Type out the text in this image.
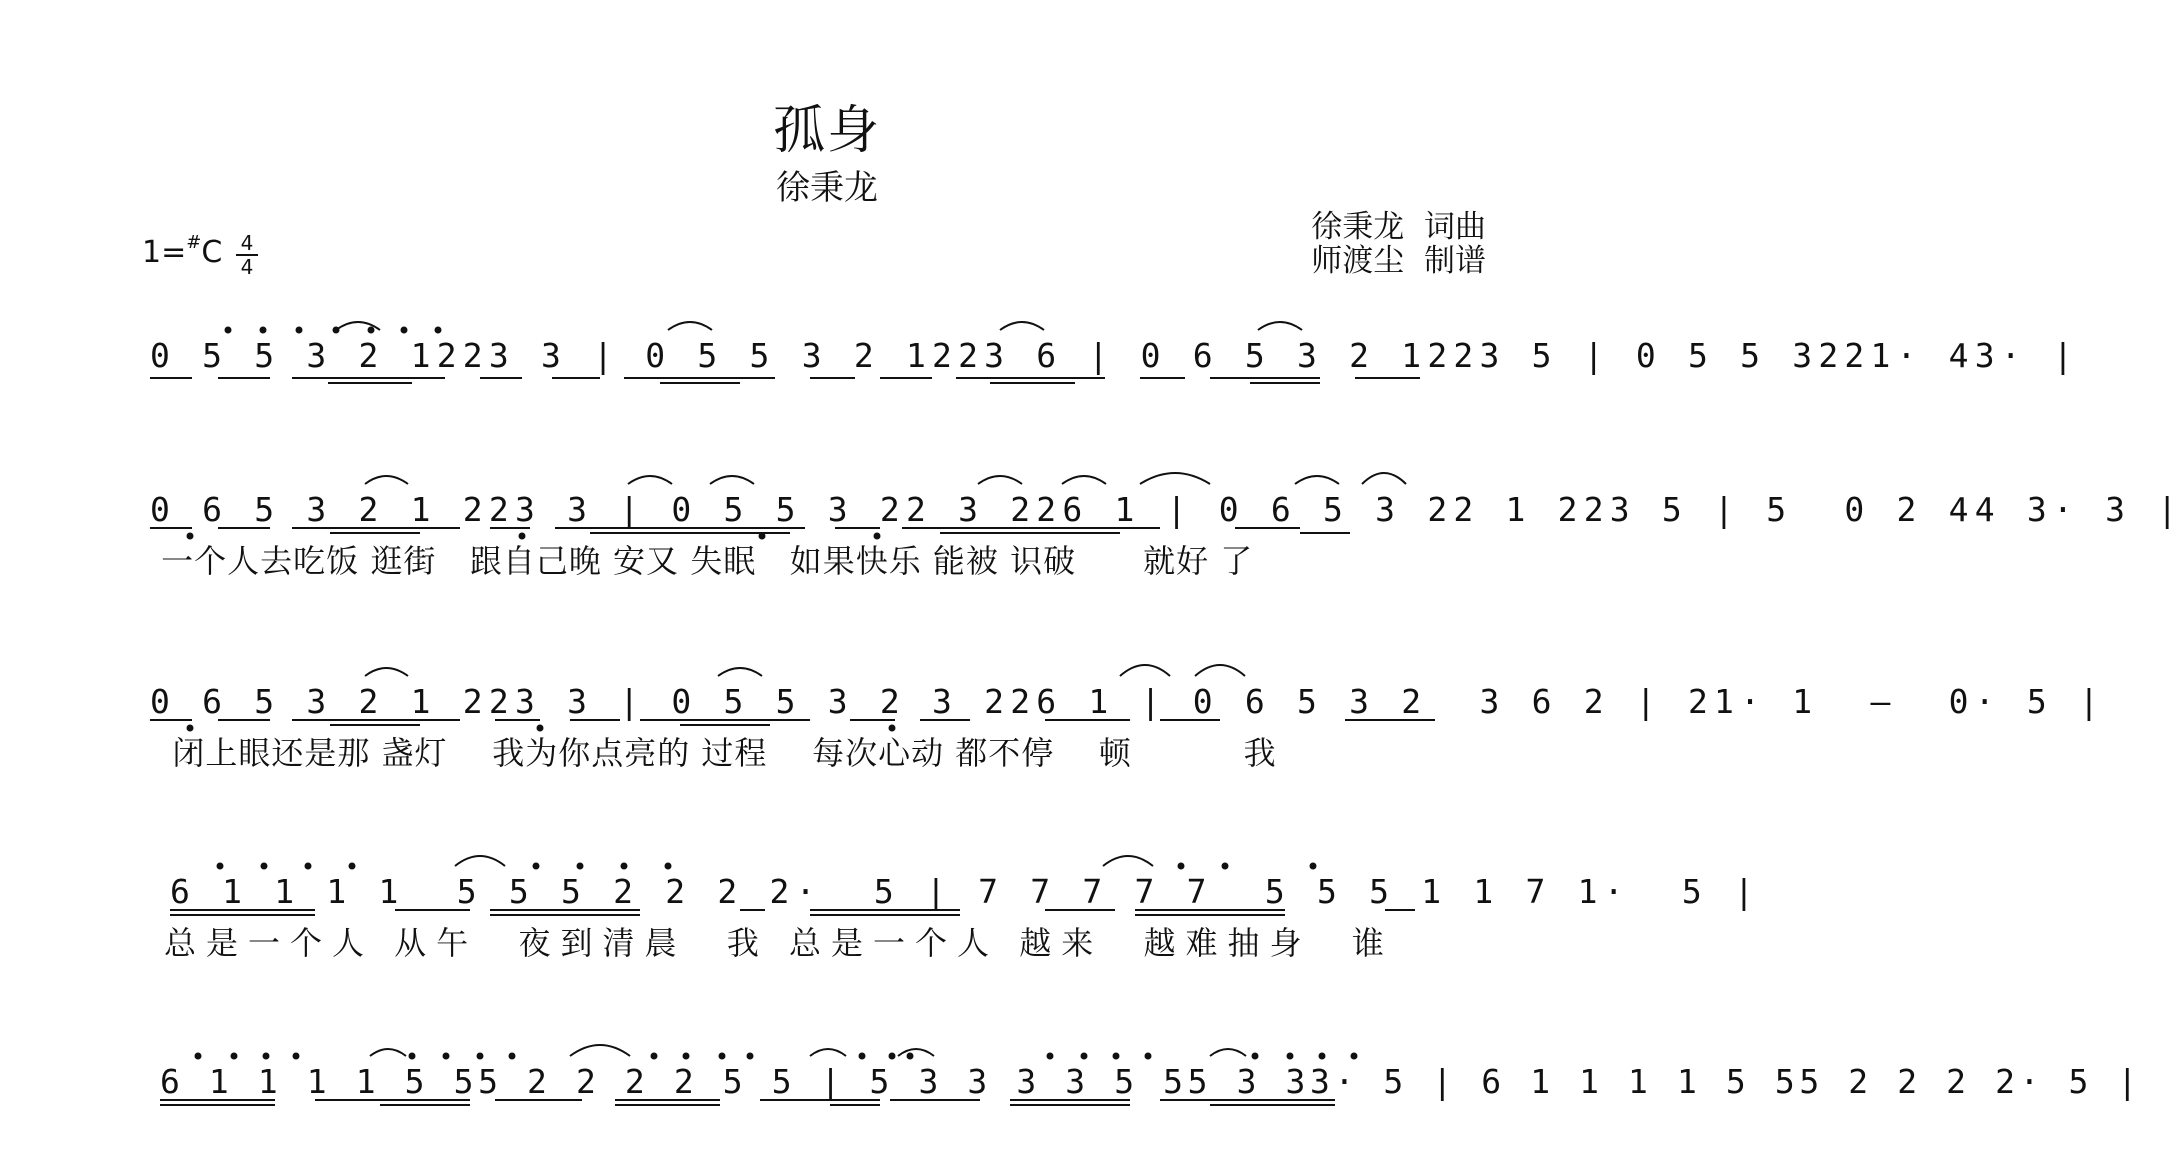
孤身
徐秉龙
1=#C 4
4
徐秉龙  词曲
师渡尘  制谱
0 5 5 3 2 1223 3 | 0 5 5 3 2 1223 6 | 0 6 5 3 2 1223 5 | 0 5 5 3221· 43· |
0 6 5 3 2 1 223 3 | 0 5 5 3 22 3 226 1 | 0 6 5 3 22 1 223 5 | 5  0 2 44 3· 3 |
一个人去吃饭 逛街   跟自己晚 安又 失眠   如果快乐 能被 识破      就好 了
0 6 5 3 2 1 223 3 | 0 5 5 3 2 3 226 1 | 0 6 5 3 2  3 6 2 | 21· 1  —  0· 5 |
闭上眼还是那 盏灯    我为你点亮的 过程    每次心动 都不停    顿          我
6 1 1 1 1  5 5 5 2 2 2 2·  5 | 7 7 7 7 7  5 5 5 1 1 7 1·  5 |
总是一个人 从午  夜到清晨  我 总是一个人 越来  越难抽身  谁
6 1 1 1 1 5 55 2 2 2 2 5 5 | 5 3 3 3 3 5 55 3 33· 5 | 6 1 1 1 1 5 55 2 2 2 2· 5 |
